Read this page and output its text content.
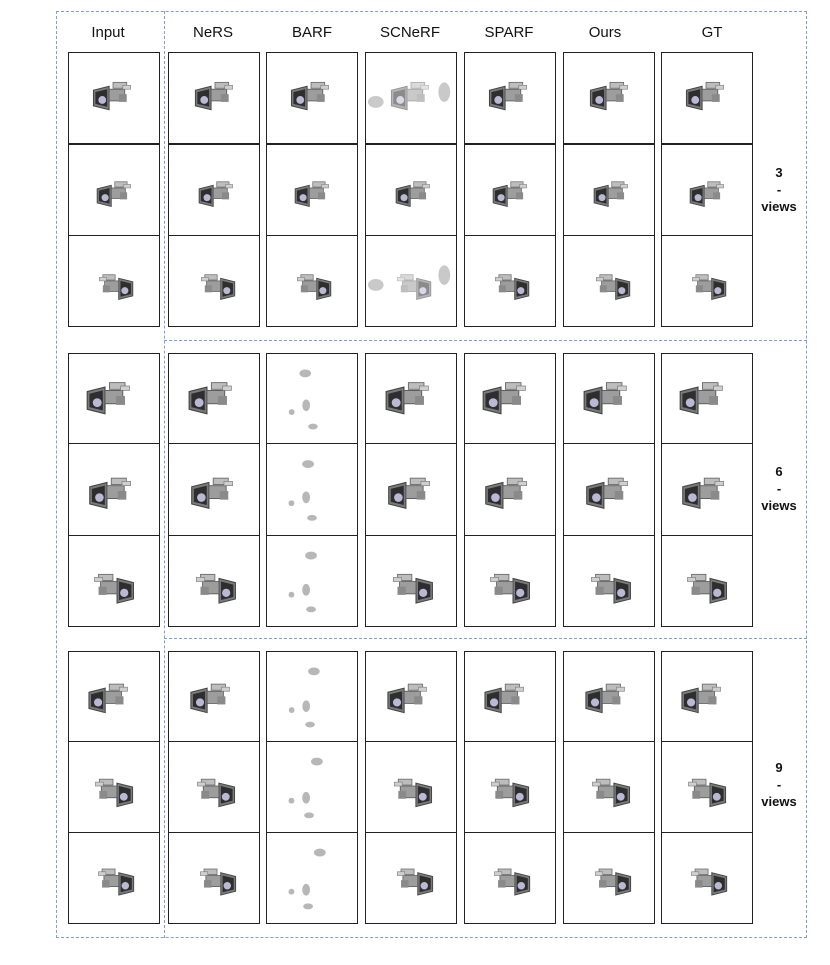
Input	NeRS	BARF	SCNeRF	SPARF	Ours	GT
3
-
views
6
-
views
9
-
views
